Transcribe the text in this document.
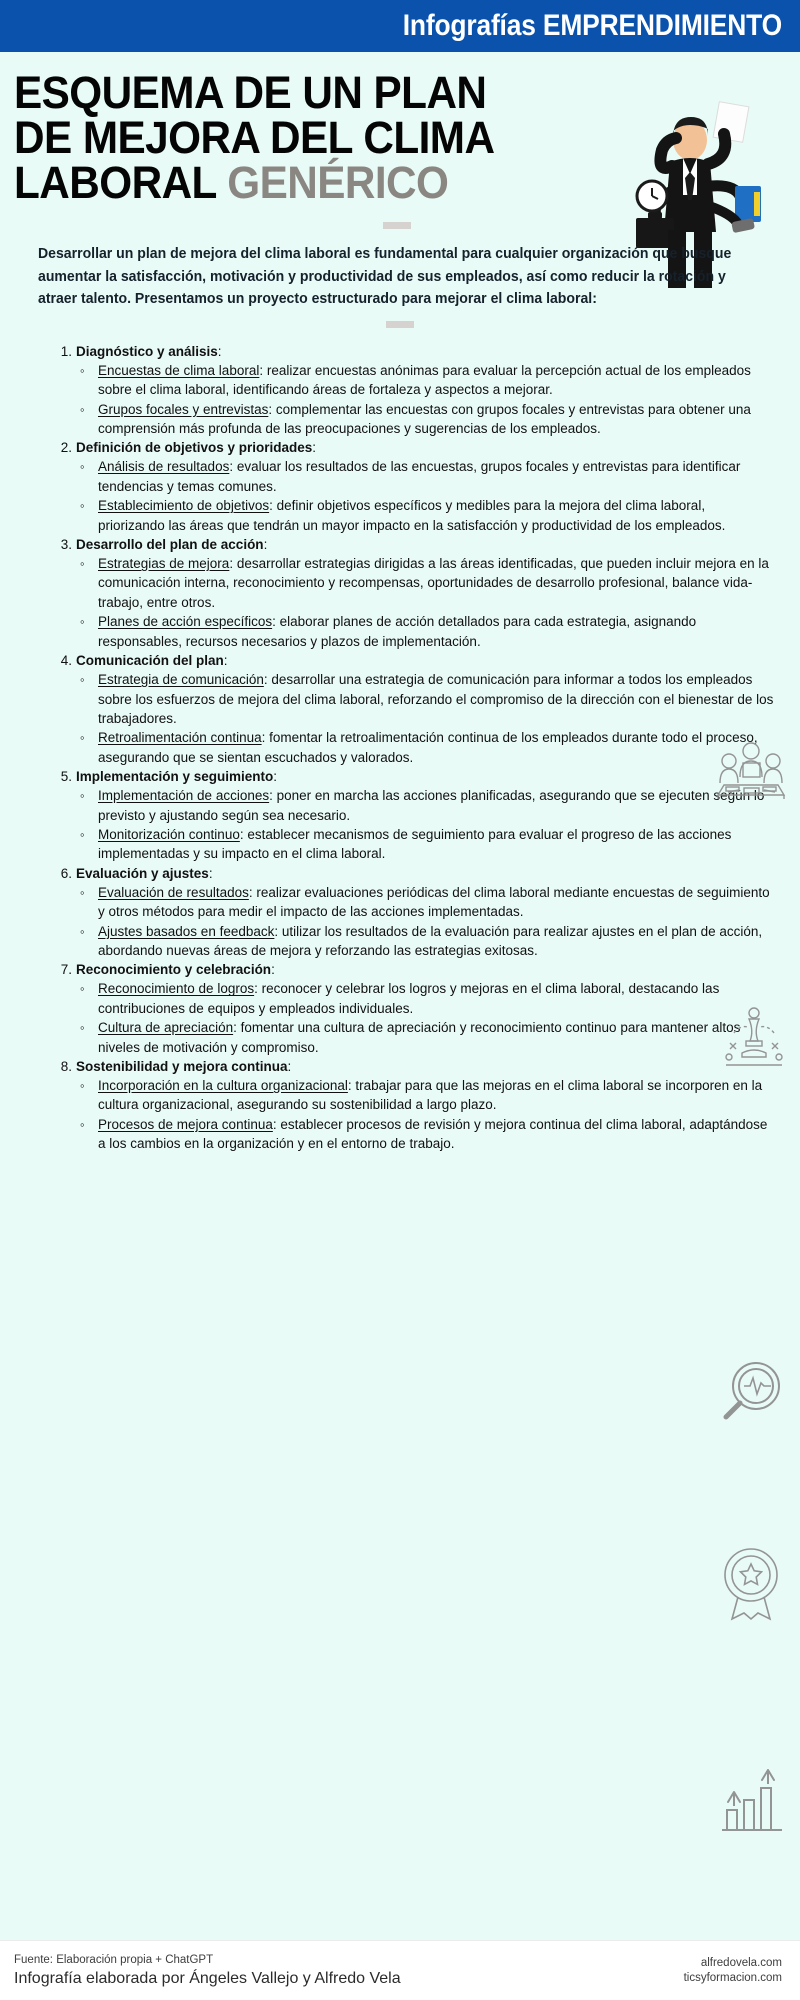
Infografías EMPRENDIMIENTO
ESQUEMA DE UN PLAN
DE MEJORA DEL CLIMA
LABORAL GENÉRICO

Desarrollar un plan de mejora del clima laboral es fundamental para cualquier organización que busque aumentar la satisfacción, motivación y productividad de sus empleados, así como reducir la rotación y atraer talento. Presentamos un proyecto estructurado para mejorar el clima laboral:

Diagnóstico y análisis:
◦ Encuestas de clima laboral: realizar encuestas anónimas para evaluar la percepción actual de los empleados sobre el clima laboral, identificando áreas de fortaleza y aspectos a mejorar.
◦ Grupos focales y entrevistas: complementar las encuestas con grupos focales y entrevistas para obtener una comprensión más profunda de las preocupaciones y sugerencias de los empleados.
Definición de objetivos y prioridades:
◦ Análisis de resultados: evaluar los resultados de las encuestas, grupos focales y entrevistas para identificar tendencias y temas comunes.
◦ Establecimiento de objetivos: definir objetivos específicos y medibles para la mejora del clima laboral, priorizando las áreas que tendrán un mayor impacto en la satisfacción y productividad de los empleados.
Desarrollo del plan de acción:
◦ Estrategias de mejora: desarrollar estrategias dirigidas a las áreas identificadas, que pueden incluir mejora en la comunicación interna, reconocimiento y recompensas, oportunidades de desarrollo profesional, balance vida-trabajo, entre otros.
◦ Planes de acción específicos: elaborar planes de acción detallados para cada estrategia, asignando responsables, recursos necesarios y plazos de implementación.
Comunicación del plan:
◦ Estrategia de comunicación: desarrollar una estrategia de comunicación para informar a todos los empleados sobre los esfuerzos de mejora del clima laboral, reforzando el compromiso de la dirección con el bienestar de los trabajadores.
◦ Retroalimentación continua: fomentar la retroalimentación continua de los empleados durante todo el proceso, asegurando que se sientan escuchados y valorados.
Implementación y seguimiento:
◦ Implementación de acciones: poner en marcha las acciones planificadas, asegurando que se ejecuten según lo previsto y ajustando según sea necesario.
◦ Monitorización continuo: establecer mecanismos de seguimiento para evaluar el progreso de las acciones implementadas y su impacto en el clima laboral.
Evaluación y ajustes:
◦ Evaluación de resultados: realizar evaluaciones periódicas del clima laboral mediante encuestas de seguimiento y otros métodos para medir el impacto de las acciones implementadas.
◦ Ajustes basados en feedback: utilizar los resultados de la evaluación para realizar ajustes en el plan de acción, abordando nuevas áreas de mejora y reforzando las estrategias exitosas.
Reconocimiento y celebración:
◦ Reconocimiento de logros: reconocer y celebrar los logros y mejoras en el clima laboral, destacando las contribuciones de equipos y empleados individuales.
◦ Cultura de apreciación: fomentar una cultura de apreciación y reconocimiento continuo para mantener altos niveles de motivación y compromiso.
Sostenibilidad y mejora continua:
◦ Incorporación en la cultura organizacional: trabajar para que las mejoras en el clima laboral se incorporen en la cultura organizacional, asegurando su sostenibilidad a largo plazo.
◦ Procesos de mejora continua: establecer procesos de revisión y mejora continua del clima laboral, adaptándose a los cambios en la organización y en el entorno de trabajo.
Fuente: Elaboración propia + ChatGPT
Infografía elaborada por Ángeles Vallejo y Alfredo Vela
alfredovela.com
ticsyformacion.com
